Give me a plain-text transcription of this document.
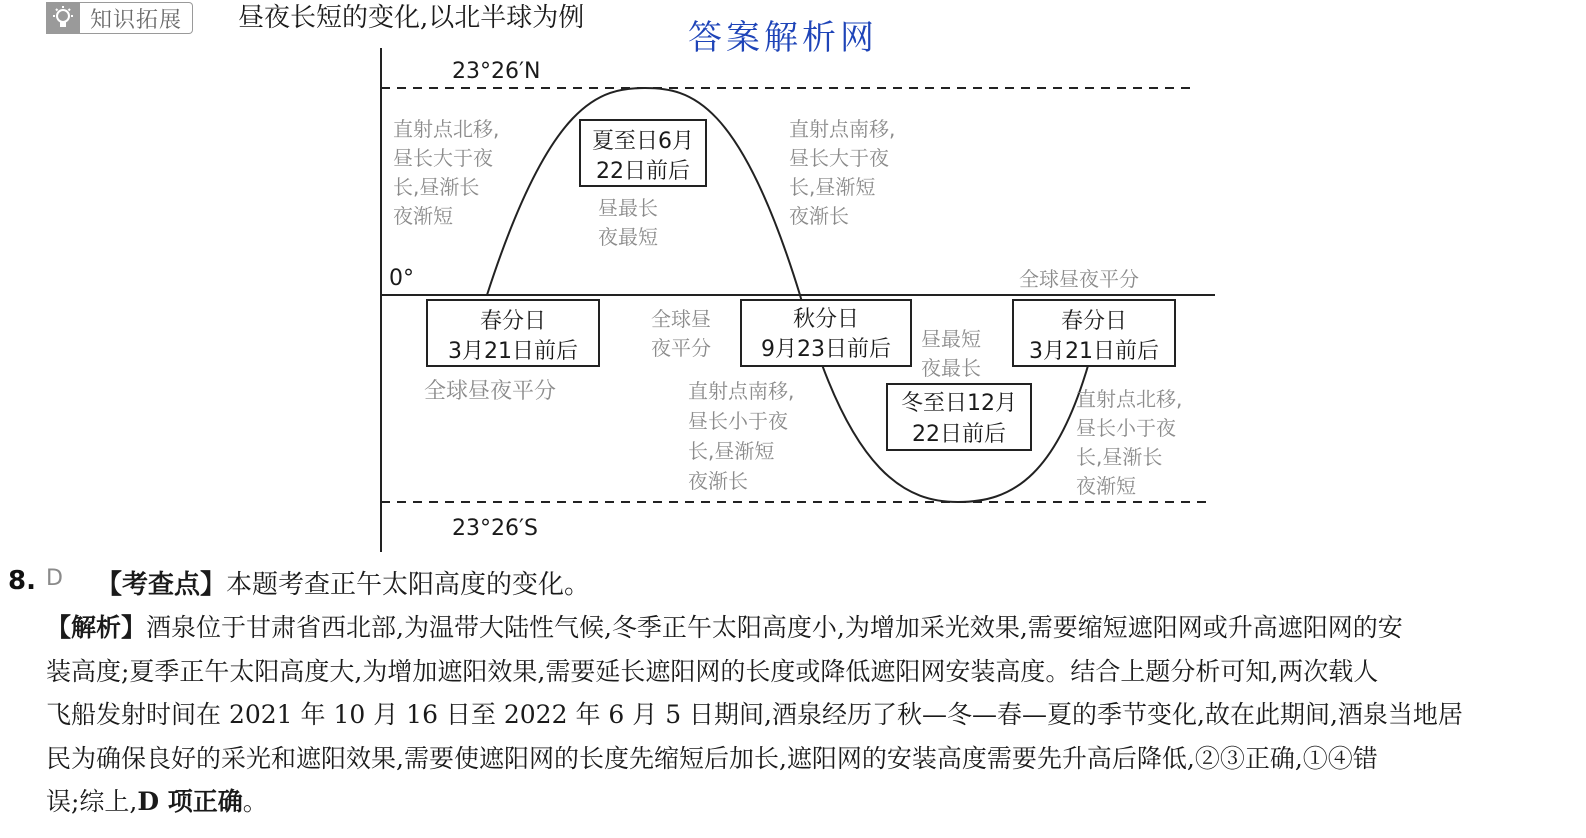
知识拓展	昼夜长短的变化,以北半球为例	答案解析网
23°26′N
0°
23°26′S
春分日
3月21日前后
夏至日6月
22日前后
秋分日
9月23日前后
冬至日12月
22日前后
春分日
3月21日前后
直射点北移,
昼长大于夜
长,昼渐长
夜渐短	昼最长
夜最短
直射点南移,
昼长大于夜
长,昼渐短
夜渐长
全球昼夜平分
全球昼夜平分
全球昼
夜平分	昼最短
夜最长
直射点南移,
昼长小于夜
长,昼渐短
夜渐长
直射点北移,
昼长小于夜
长,昼渐长
夜渐短
8. D 【考查点】本题考查正午太阳高度的变化。
【解析】酒泉位于甘肃省西北部,为温带大陆性气候,冬季正午太阳高度小,为增加采光效果,需要缩短遮阳网或升高遮阳网的安
装高度;夏季正午太阳高度大,为增加遮阳效果,需要延长遮阳网的长度或降低遮阳网安装高度。结合上题分析可知,两次载人
飞船发射时间在 2021 年 10 月 16 日至 2022 年 6 月 5 日期间,酒泉经历了秋—冬—春—夏的季节变化,故在此期间,酒泉当地居
民为确保良好的采光和遮阳效果,需要使遮阳网的长度先缩短后加长,遮阳网的安装高度需要先升高后降低,②③正确,①④错
误;综上,D 项正确。
